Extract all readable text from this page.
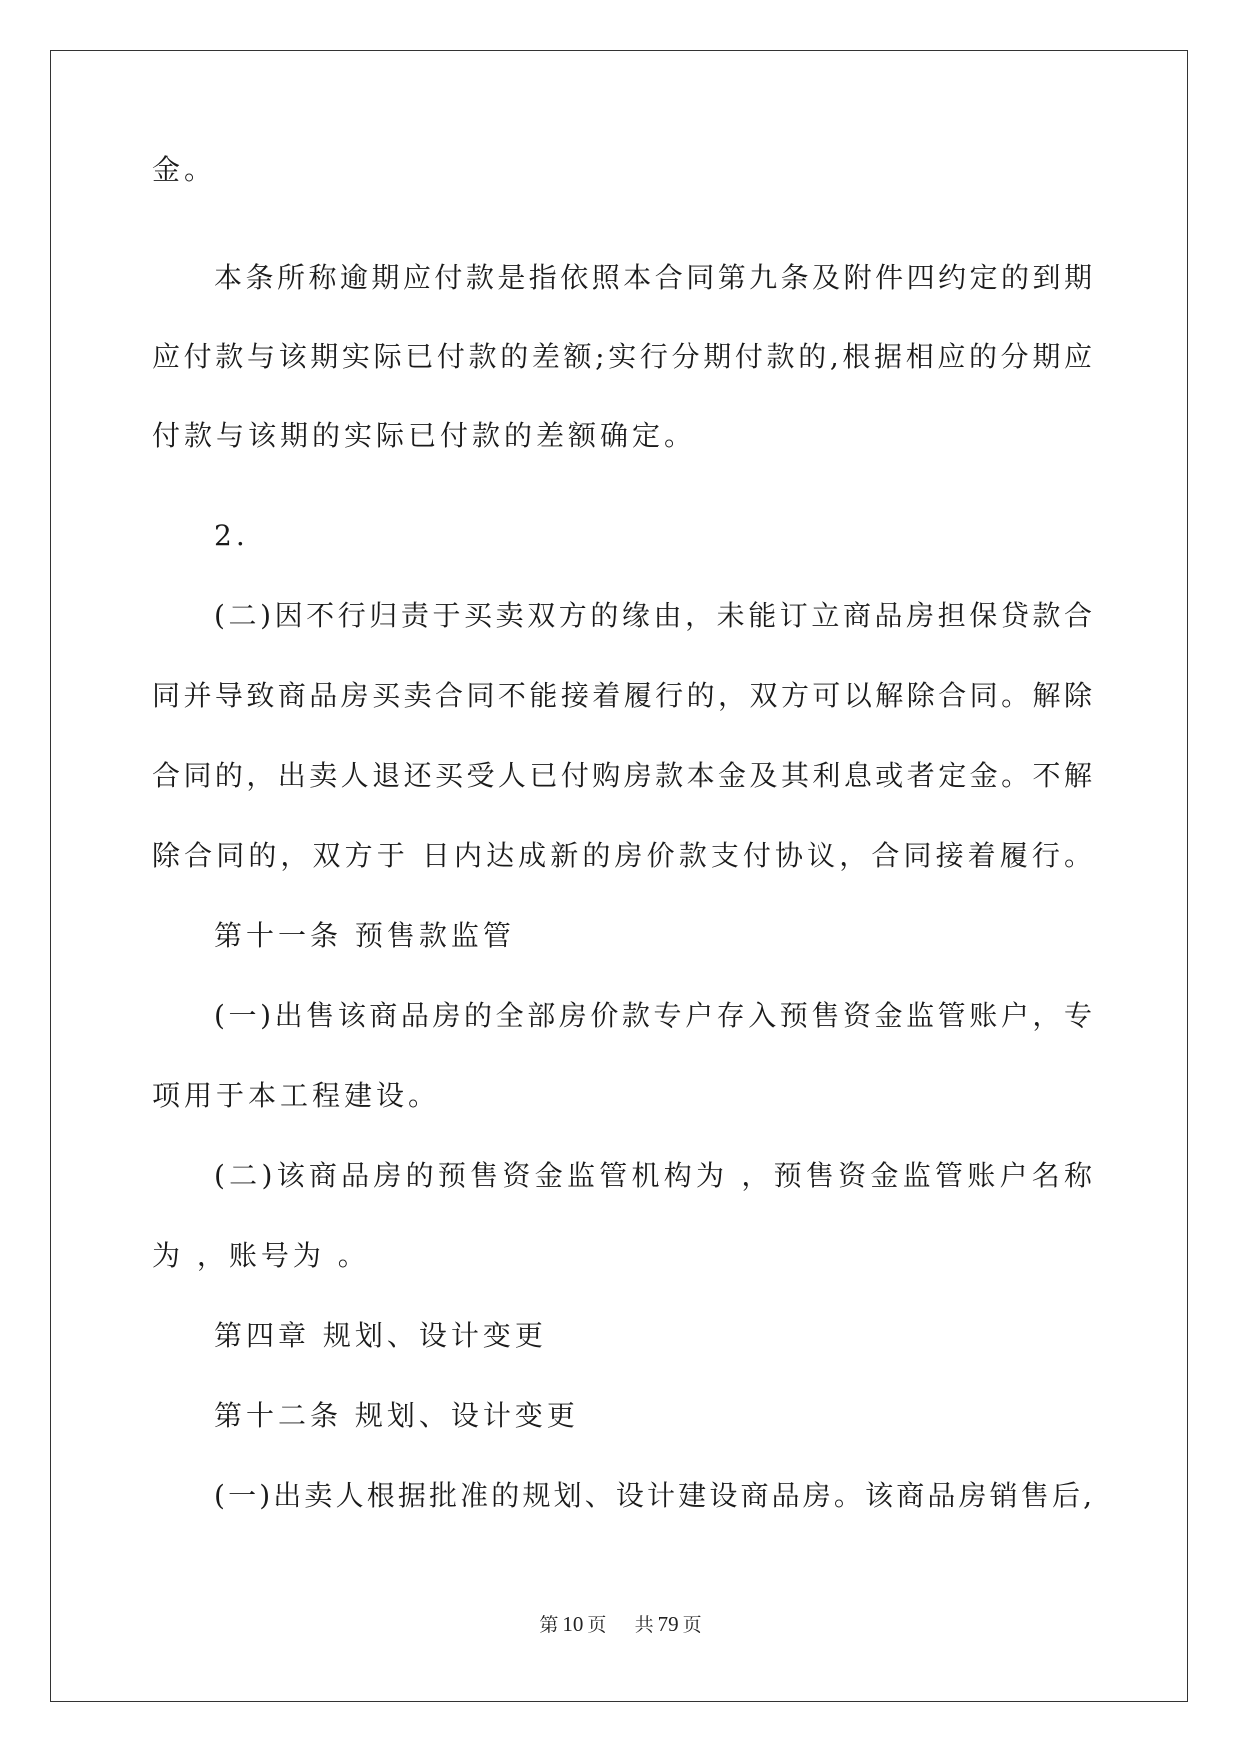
金。
本条所称逾期应付款是指依照本合同第九条及附件四约定的到期
应付款与该期实际已付款的差额;实行分期付款的,根据相应的分期应
付款与该期的实际已付款的差额确定。
2.
(二)因不行归责于买卖双方的缘由，未能订立商品房担保贷款合
同并导致商品房买卖合同不能接着履行的，双方可以解除合同。解除
合同的，出卖人退还买受人已付购房款本金及其利息或者定金。不解
除合同的，双方于 日内达成新的房价款支付协议，合同接着履行。
第十一条 预售款监管
(一)出售该商品房的全部房价款专户存入预售资金监管账户，专
项用于本工程建设。
(二)该商品房的预售资金监管机构为 ，预售资金监管账户名称
为 ，账号为 。
第四章 规划、设计变更
第十二条 规划、设计变更
(一)出卖人根据批准的规划、设计建设商品房。该商品房销售后,
第 10 页 共 79 页
